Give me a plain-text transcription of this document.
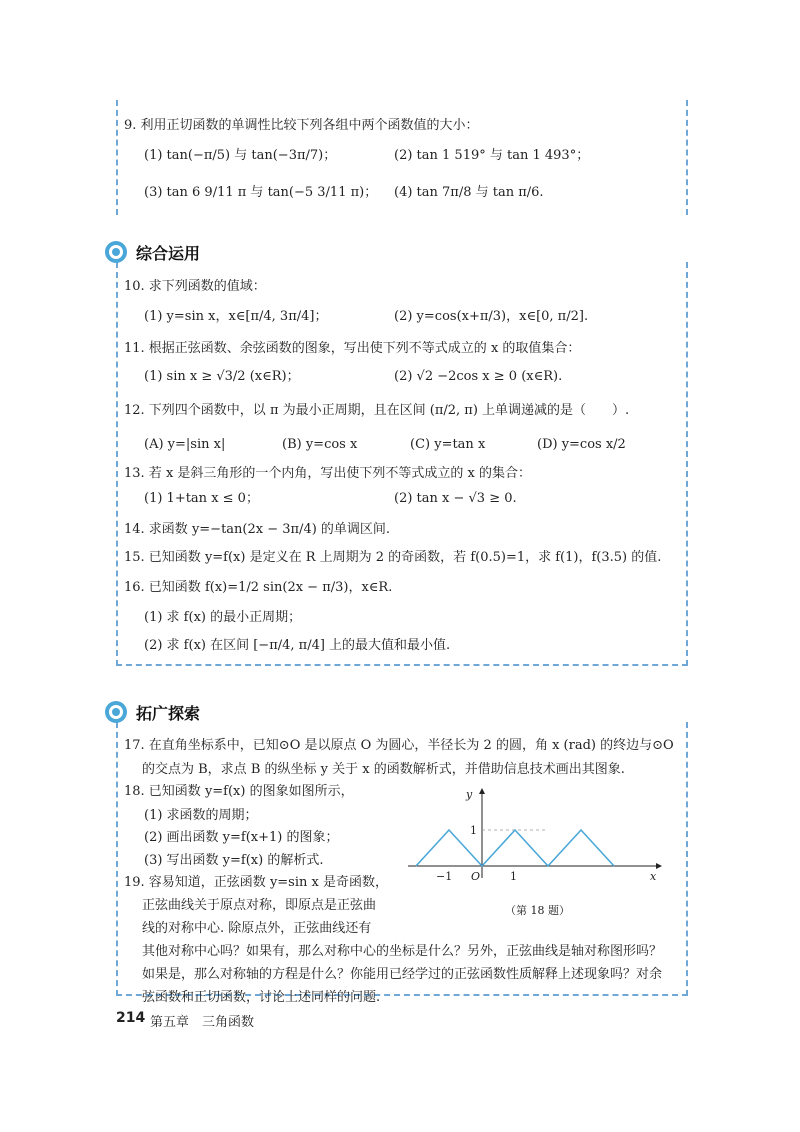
9. 利用正切函数的单调性比较下列各组中两个函数值的大小：
(1) tan(−π/5) 与 tan(−3π/7)；	(2) tan 1 519° 与 tan 1 493°；
(3) tan 6 9/11 π 与 tan(−5 3/11 π)； (4) tan 7π/8 与 tan π/6.
综合运用
10. 求下列函数的值域：
(1) y=sin x，x∈[π/4, 3π/4]；	(2) y=cos(x+π/3)，x∈[0, π/2].
11. 根据正弦函数、余弦函数的图象，写出使下列不等式成立的 x 的取值集合：
(1) sin x ≥ √3/2 (x∈R)；	(2) √2 −2cos x ≥ 0 (x∈R).
12. 下列四个函数中，以 π 为最小正周期，且在区间 (π/2, π) 上单调递减的是（　　）.
(A) y=|sin x|	(B) y=cos x	(C) y=tan x	(D) y=cos x/2
13. 若 x 是斜三角形的一个内角，写出使下列不等式成立的 x 的集合：
(1) 1+tan x ≤ 0；	(2) tan x − √3 ≥ 0.
14. 求函数 y=−tan(2x − 3π/4) 的单调区间.
15. 已知函数 y=f(x) 是定义在 R 上周期为 2 的奇函数，若 f(0.5)=1，求 f(1)，f(3.5) 的值.
16. 已知函数 f(x)=1/2 sin(2x − π/3)，x∈R.
(1) 求 f(x) 的最小正周期；
(2) 求 f(x) 在区间 [−π/4, π/4] 上的最大值和最小值.
拓广探索
17. 在直角坐标系中，已知⊙O 是以原点 O 为圆心，半径长为 2 的圆，角 x (rad) 的终边与⊙O
的交点为 B，求点 B 的纵坐标 y 关于 x 的函数解析式，并借助信息技术画出其图象.
18. 已知函数 y=f(x) 的图象如图所示，
(1) 求函数的周期；
(2) 画出函数 y=f(x+1) 的图象；
(3) 写出函数 y=f(x) 的解析式.
19. 容易知道，正弦函数 y=sin x 是奇函数，
正弦曲线关于原点对称，即原点是正弦曲
线的对称中心. 除原点外，正弦曲线还有
其他对称中心吗？如果有，那么对称中心的坐标是什么？另外，正弦曲线是轴对称图形吗？
如果是，那么对称轴的方程是什么？你能用已经学过的正弦函数性质解释上述现象吗？对余
弦函数和正切函数，讨论上述同样的问题.
y
x
O
1
−1	1
（第 18 题）
214 第五章　三角函数
